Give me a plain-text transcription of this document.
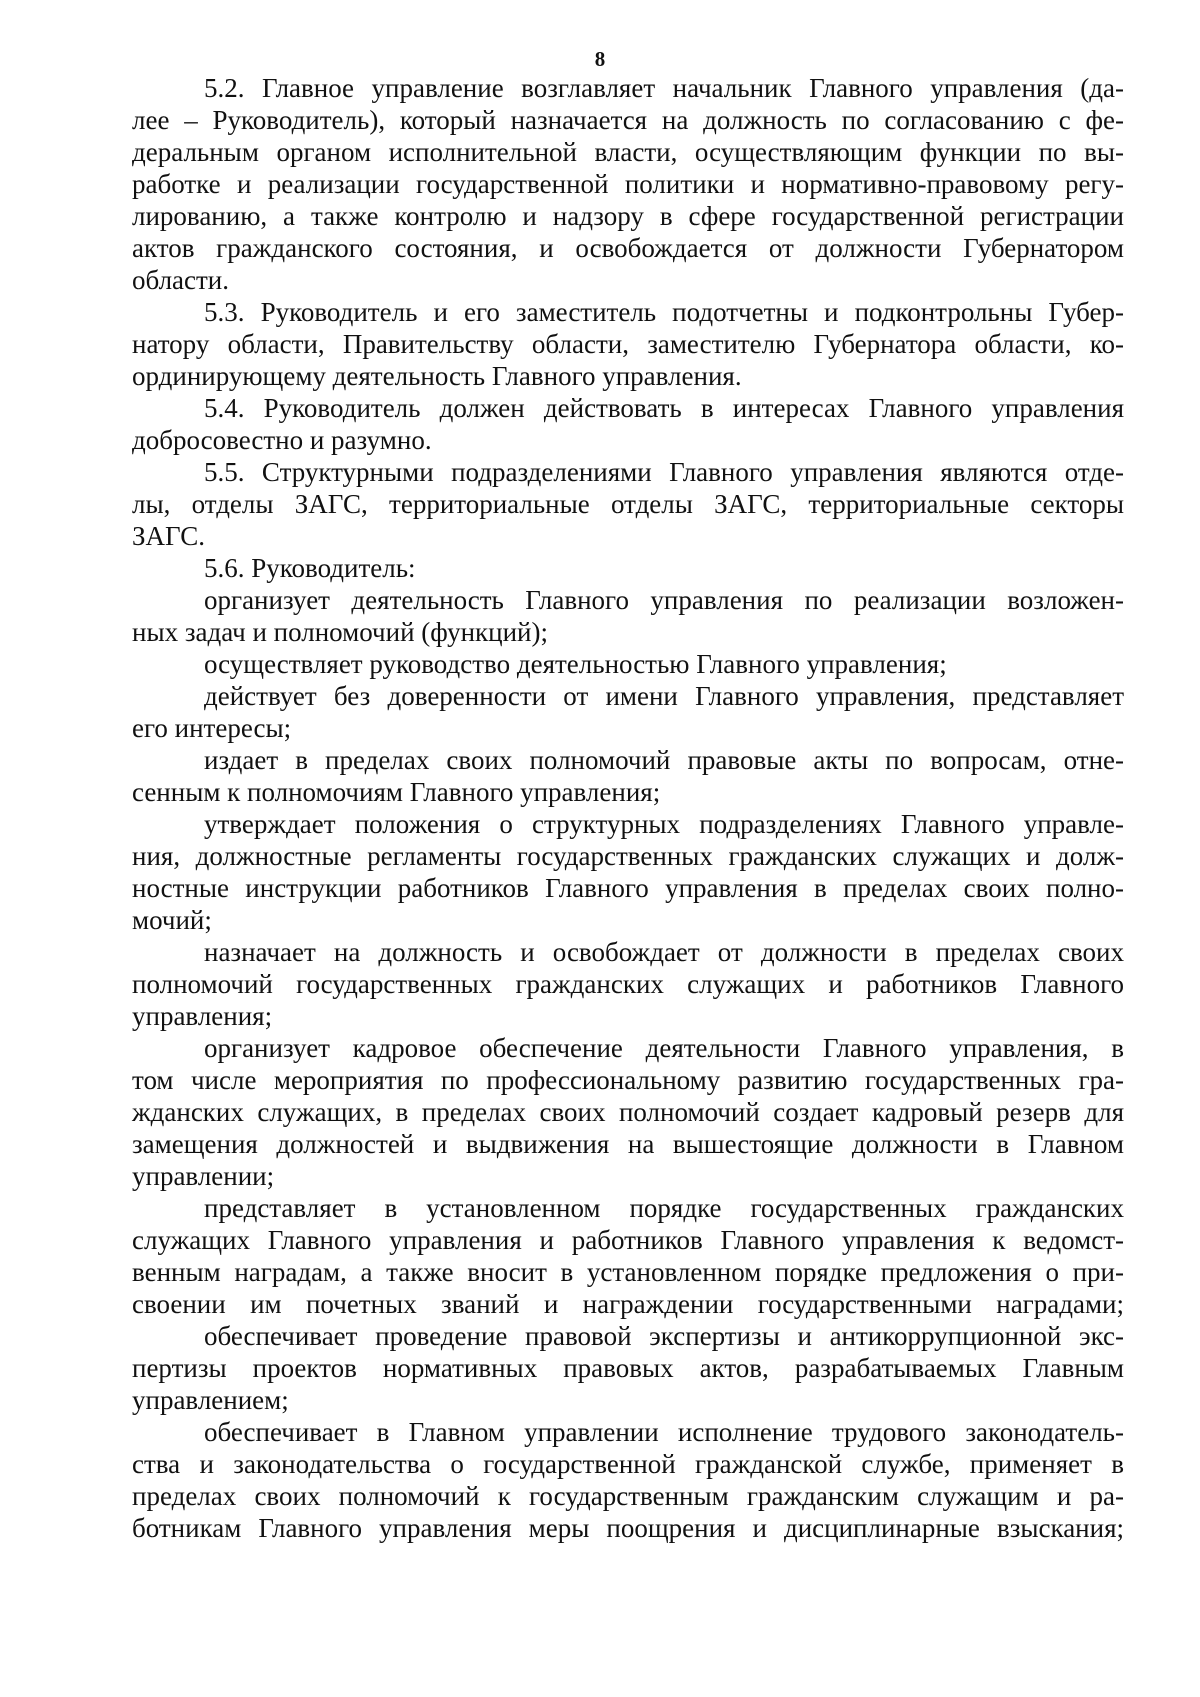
8
5.2. Главное управление возглавляет начальник Главного управления (да-
лее – Руководитель), который назначается на должность по согласованию с фе-
деральным органом исполнительной власти, осуществляющим функции по вы-
работке и реализации государственной политики и нормативно-правовому регу-
лированию, а также контролю и надзору в сфере государственной регистрации
актов гражданского состояния, и освобождается от должности Губернатором
области.
5.3. Руководитель и его заместитель подотчетны и подконтрольны Губер-
натору области, Правительству области, заместителю Губернатора области, ко-
ординирующему деятельность Главного управления.
5.4. Руководитель должен действовать в интересах Главного управления
добросовестно и разумно.
5.5. Структурными подразделениями Главного управления являются отде-
лы, отделы ЗАГС, территориальные отделы ЗАГС, территориальные секторы
ЗАГС.
5.6. Руководитель:
организует деятельность Главного управления по реализации возложен-
ных задач и полномочий (функций);
осуществляет руководство деятельностью Главного управления;
действует без доверенности от имени Главного управления, представляет
его интересы;
издает в пределах своих полномочий правовые акты по вопросам, отне-
сенным к полномочиям Главного управления;
утверждает положения о структурных подразделениях Главного управле-
ния, должностные регламенты государственных гражданских служащих и долж-
ностные инструкции работников Главного управления в пределах своих полно-
мочий;
назначает на должность и освобождает от должности в пределах своих
полномочий государственных гражданских служащих и работников Главного
управления;
организует кадровое обеспечение деятельности Главного управления, в
том числе мероприятия по профессиональному развитию государственных гра-
жданских служащих, в пределах своих полномочий создает кадровый резерв для
замещения должностей и выдвижения на вышестоящие должности в Главном
управлении;
представляет в установленном порядке государственных гражданских
служащих Главного управления и работников Главного управления к ведомст-
венным наградам, а также вносит в установленном порядке предложения о при-
своении им почетных званий и награждении государственными наградами;
обеспечивает проведение правовой экспертизы и антикоррупционной экс-
пертизы проектов нормативных правовых актов, разрабатываемых Главным
управлением;
обеспечивает в Главном управлении исполнение трудового законодатель-
ства и законодательства о государственной гражданской службе, применяет в
пределах своих полномочий к государственным гражданским служащим и ра-
ботникам Главного управления меры поощрения и дисциплинарные взыскания;
